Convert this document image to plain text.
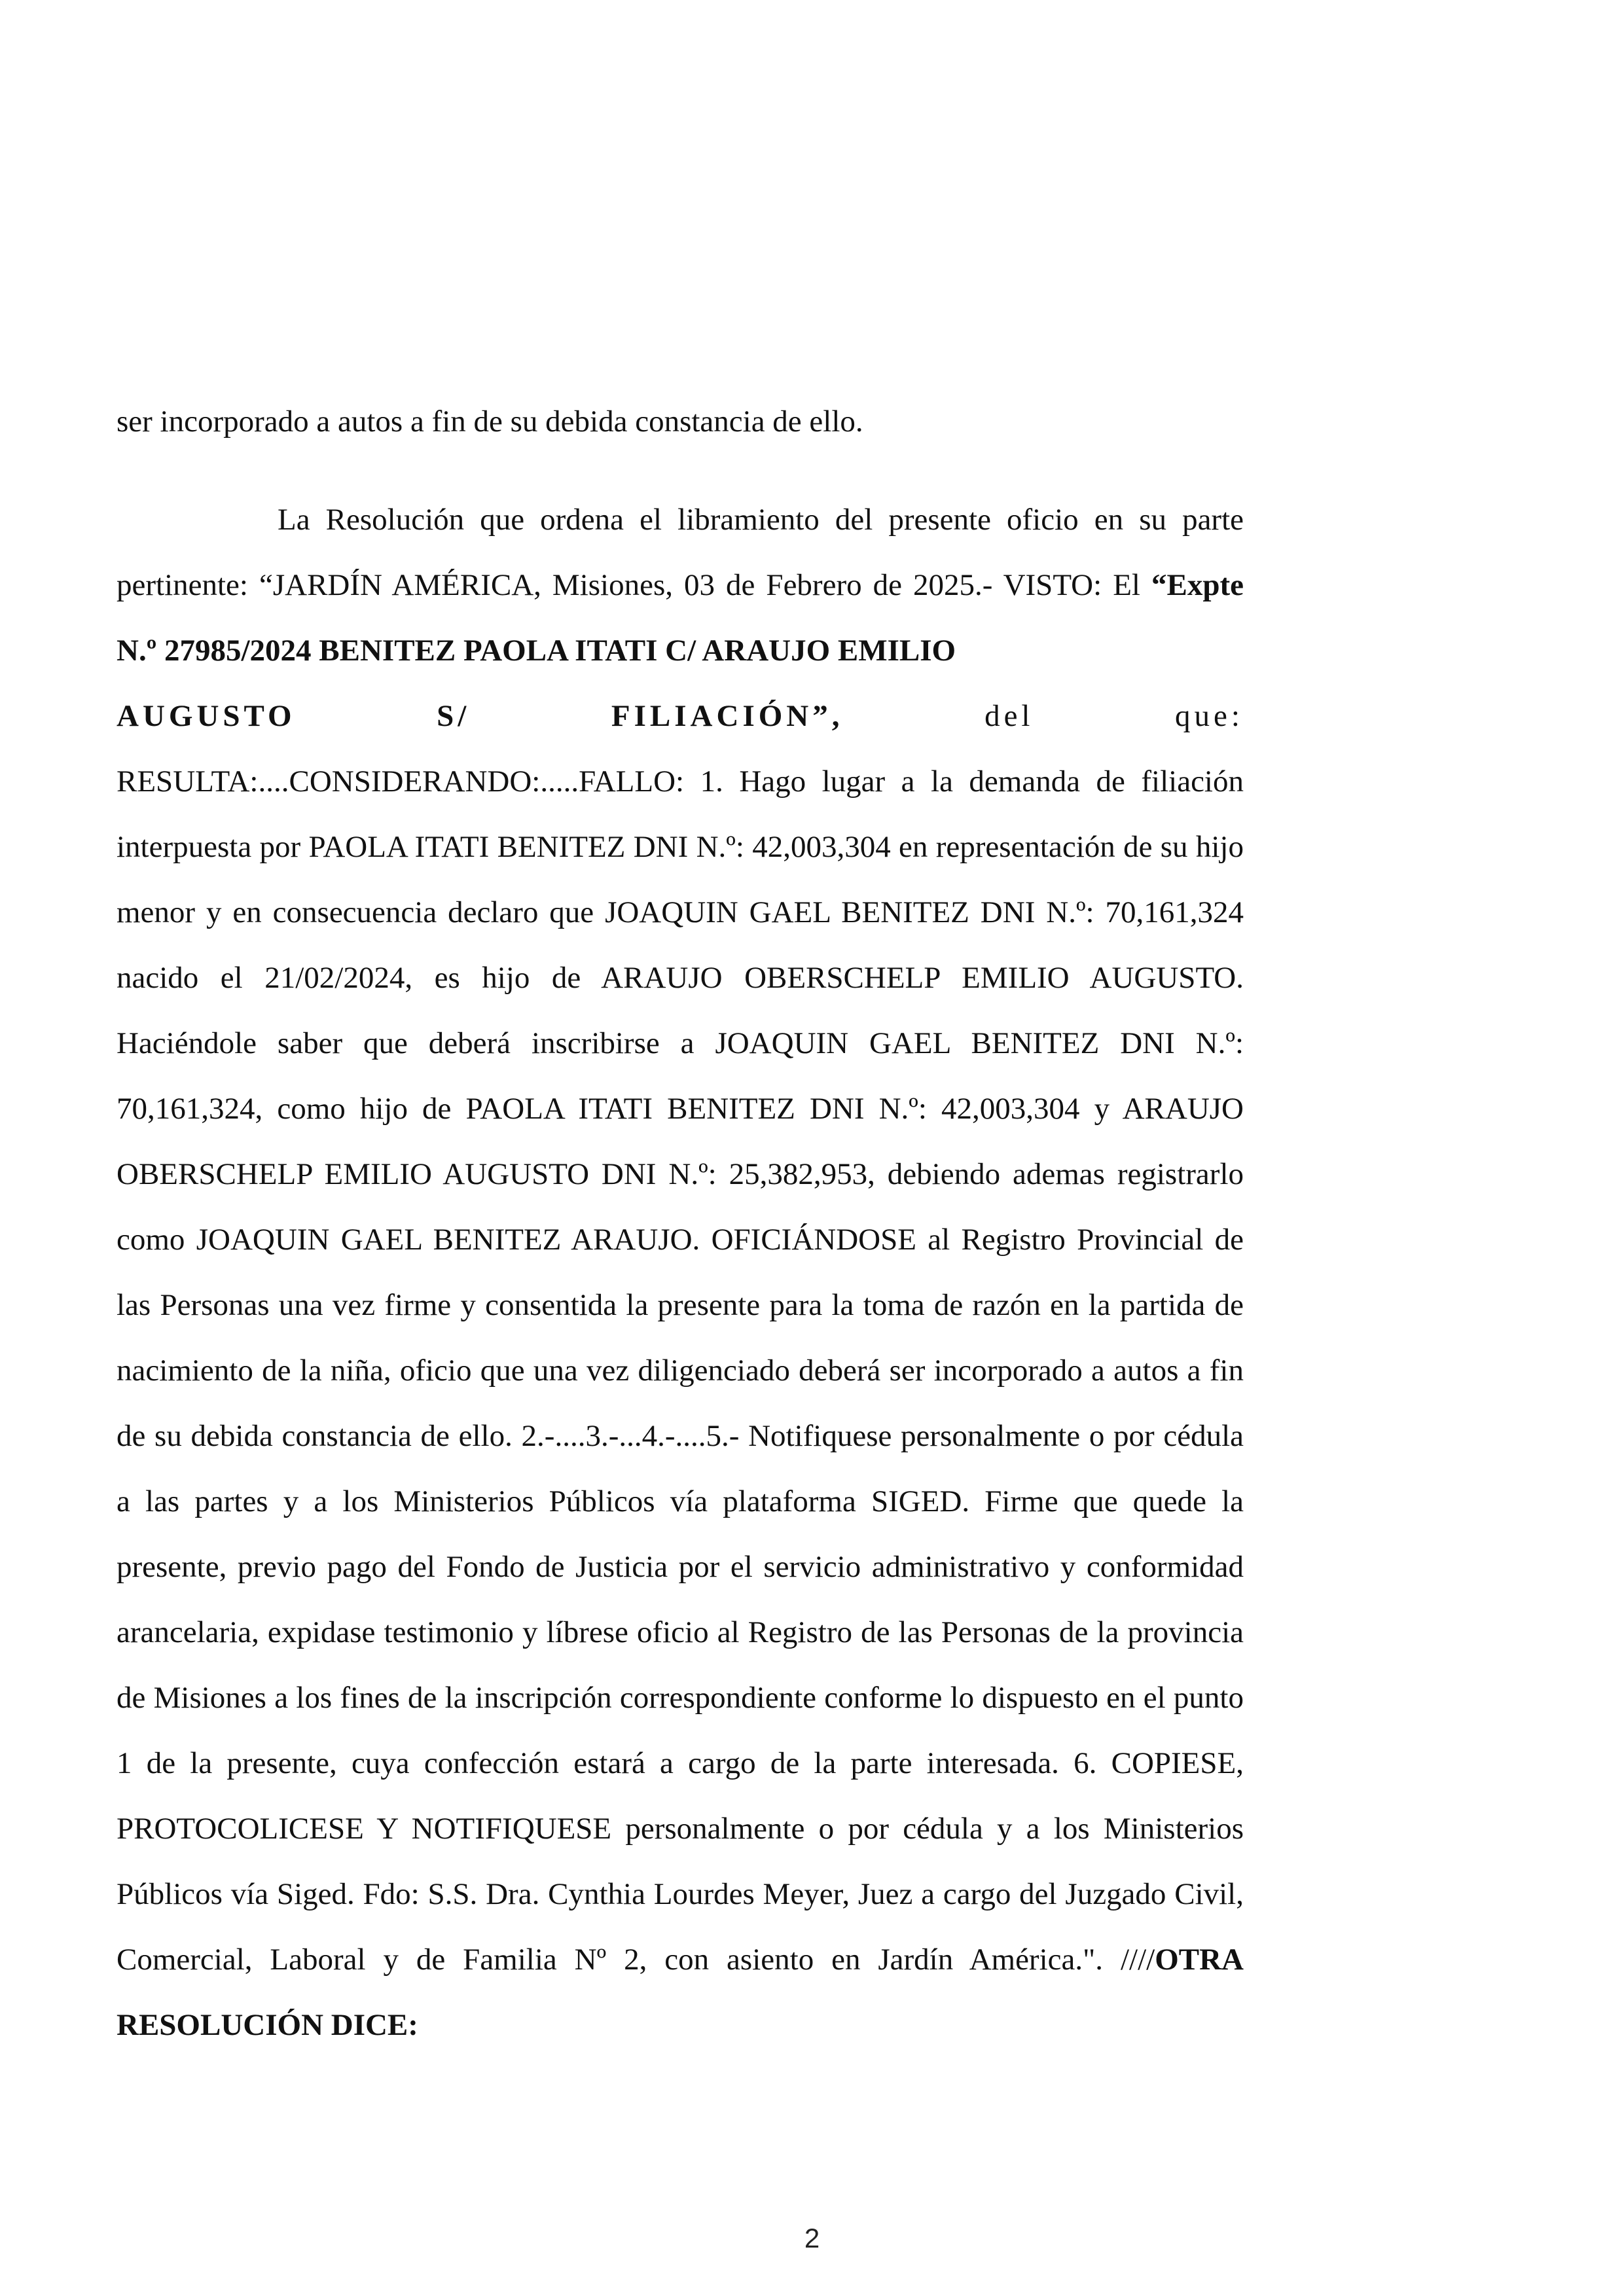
ser incorporado a autos a fin de su debida constancia de ello.
La Resolución que ordena el libramiento del presente oficio en su parte pertinente: “JARDÍN AMÉRICA, Misiones, 03 de Febrero de 2025.- VISTO: El “Expte N.º 27985/2024 BENITEZ PAOLA ITATI C/ ARAUJO EMILIO
AUGUSTO	S/	FILIACIÓN”,	del	que:
RESULTA:....CONSIDERANDO:.....FALLO: 1. Hago lugar a la demanda de filiación interpuesta por PAOLA ITATI BENITEZ DNI N.º: 42,003,304 en representación de su hijo menor y en consecuencia declaro que JOAQUIN GAEL BENITEZ DNI N.º: 70,161,324 nacido el 21/02/2024, es hijo de ARAUJO OBERSCHELP EMILIO AUGUSTO. Haciéndole saber que deberá inscribirse a JOAQUIN GAEL BENITEZ DNI N.º: 70,161,324, como hijo de PAOLA ITATI BENITEZ DNI N.º: 42,003,304 y ARAUJO OBERSCHELP EMILIO AUGUSTO DNI N.º: 25,382,953, debiendo ademas registrarlo como JOAQUIN GAEL BENITEZ ARAUJO. OFICIÁNDOSE al Registro Provincial de las Personas una vez firme y consentida la presente para la toma de razón en la partida de nacimiento de la niña, oficio que una vez diligenciado deberá ser incorporado a autos a fin de su debida constancia de ello. 2.-....3.-...4.-....5.- Notifiquese personalmente o por cédula a las partes y a los Ministerios Públicos vía plataforma SIGED. Firme que quede la presente, previo pago del Fondo de Justicia por el servicio administrativo y conformidad arancelaria, expidase testimonio y líbrese oficio al Registro de las Personas de la provincia de Misiones a los fines de la inscripción correspondiente conforme lo dispuesto en el punto 1 de la presente, cuya confección estará a cargo de la parte interesada. 6. COPIESE, PROTOCOLICESE Y NOTIFIQUESE personalmente o por cédula y a los Ministerios Públicos vía Siged. Fdo: S.S. Dra. Cynthia Lourdes Meyer, Juez a cargo del Juzgado Civil, Comercial, Laboral y de Familia Nº 2, con asiento en Jardín América.". ////OTRA RESOLUCIÓN DICE:
2
